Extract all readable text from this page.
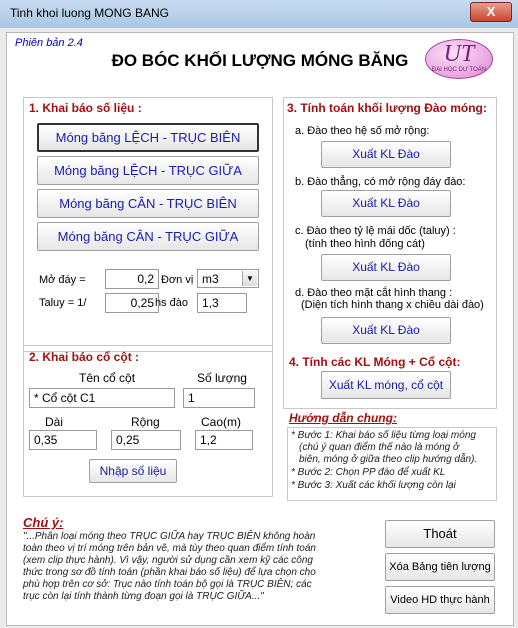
Tinh khoi luong MONG BANG	X
Phiên bản 2.4
ĐO BÓC KHỐI LƯỢNG MÓNG BĂNG	UT
ĐẠI HỌC DỰ TOÁN
1. Khai báo số liệu :
Móng băng LỆCH - TRỤC BIÊN
Móng băng LỆCH - TRỤC GIỮA
Móng băng CÂN - TRỤC BIÊN
Móng băng CÂN - TRỤC GIỮA
Mở đáy =	0,2 Đơn vị m3	▼
Taluy = 1/	0,25 hs đào	1,3
2. Khai báo cổ cột :
Tên cổ cột
* Cổ cột C1
Số lượng
1
Dài
0,35
Rộng
0,25
Cao(m)
1,2
Nhập số liệu
3. Tính toán khối lượng Đào móng:
a. Đào theo hệ số mở rộng:
Xuất KL Đào
b. Đào thẳng, có mở rộng đáy đào:
Xuất KL Đào
c. Đào theo tỷ lệ mái dốc (taluy) :
(tính theo hình đống cát)
Xuất KL Đào
d. Đào theo mặt cắt hình thang :
(Diện tích hình thang x chiều dài đào)
Xuất KL Đào
4. Tính các KL Móng + Cổ cột:
Xuất KL móng, cổ cột
Hướng dẫn chung:
* Bước 1: Khai báo số liệu từng loại móng
(chú ý quan điểm thế nào là móng ở
biên, móng ở giữa theo clip hướng dẫn).
* Bước 2: Chọn PP đào để xuất KL
* Bước 3: Xuất các khối lượng còn lại
Chú ý:
"...Phân loại móng theo TRỤC GIỮA hay TRỤC BIÊN không hoàn
toàn theo vị trí móng trên bản vẽ, mà tùy theo quan điểm tính toán
(xem clip thực hành). Vì vậy, người sử dụng cần xem kỹ các công
thức trong sơ đồ tính toán (phần khai báo số liệu) để lựa chọn cho
phù hợp trên cơ sở: Trục nào tính toán bộ gọi là TRỤC BIÊN; các
trục còn lại tính thành từng đoạn gọi là TRỤC GIỮA..."
Thoát
Xóa Bảng tiên lượng
Video HD thực hành
